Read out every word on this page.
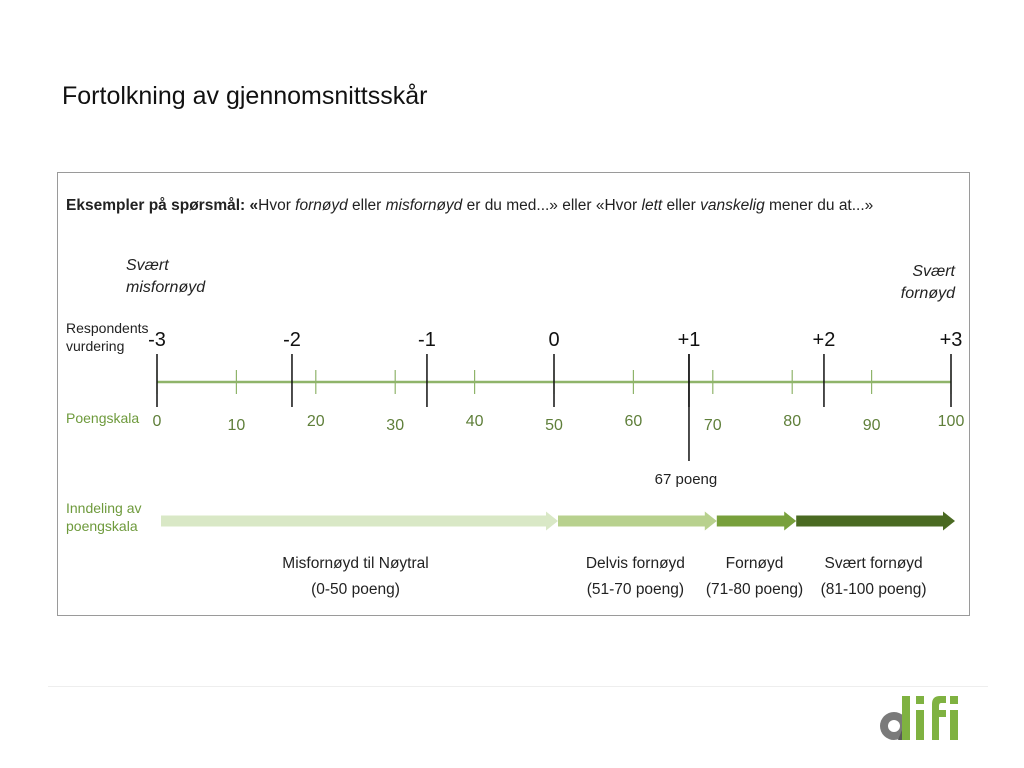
Fortolkning av gjennomsnittsskår
Eksempler på spørsmål: «Hvor fornøyd eller misfornøyd er du med...» eller «Hvor lett eller vanskelig mener du at...»
Svært
misfornøyd
Svært
fornøyd
Respondents
vurdering
Poengskala
Inndeling av
poengskala
0	10	20	30	40	50	60	70	80	90	100
-3	-2	-1	0	+1	+2	+3
67 poeng
Misfornøyd til Nøytral
(0-50 poeng)
Delvis fornøyd
(51-70 poeng)
Fornøyd
(71-80 poeng)
Svært fornøyd
(81-100 poeng)
